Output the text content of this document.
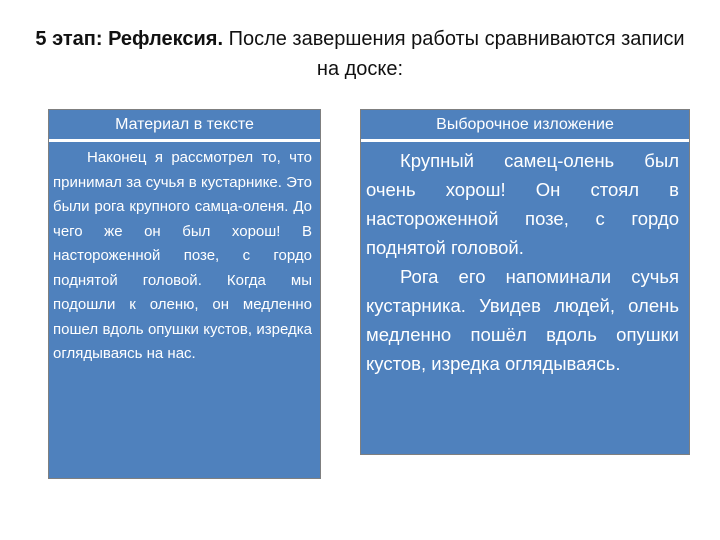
5 этап: Рефлексия. После завершения работы сравниваются записи на доске:
Материал в тексте

Наконец я рассмотрел то, что принимал за сучья в кустарнике. Это были рога крупного самца-оленя. До чего же он был хорош! В настороженной позе, с гордо поднятой головой. Когда мы подошли к оленю, он медленно пошел вдоль опушки кустов, изредка оглядываясь на нас.

Выборочное изложение

Крупный самец-олень был очень хорош! Он стоял в настороженной позе, с гордо поднятой головой.

Рога его напоминали сучья кустарника. Увидев людей, олень медленно пошёл вдоль опушки кустов, изредка оглядываясь.
